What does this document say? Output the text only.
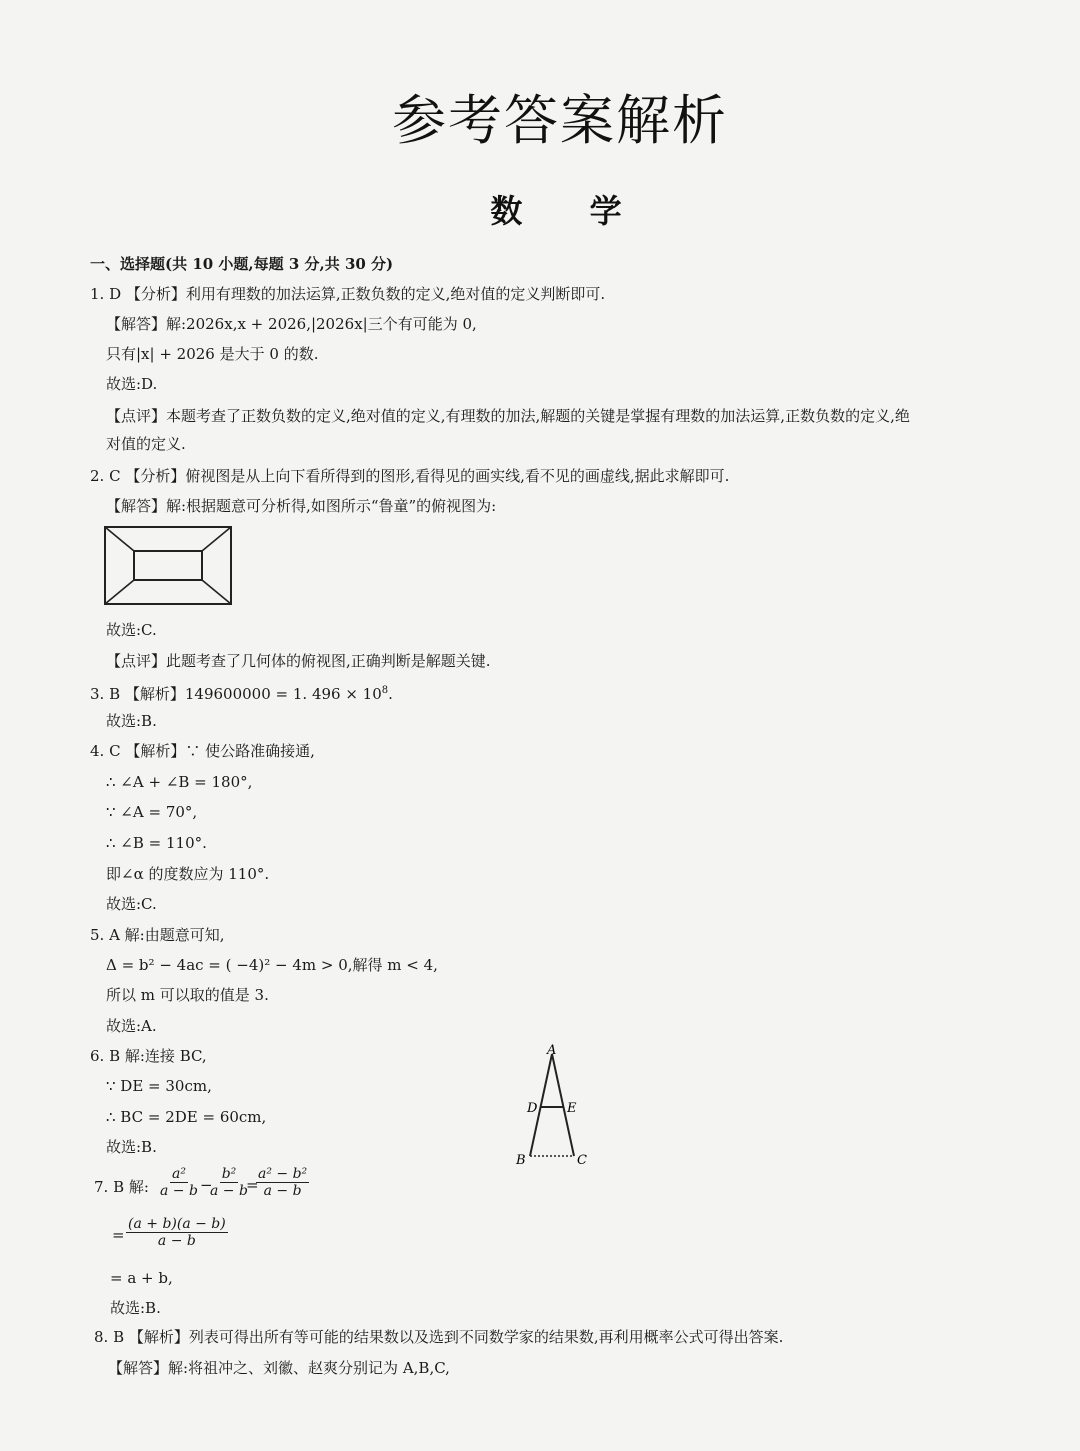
参考答案解析
数 学
一、选择题(共 10 小题,每题 3 分,共 30 分)
1. D 【分析】利用有理数的加法运算,正数负数的定义,绝对值的定义判断即可.
【解答】解:2026x,x + 2026,|2026x|三个有可能为 0,
只有|x| + 2026 是大于 0 的数.
故选:D.
【点评】本题考查了正数负数的定义,绝对值的定义,有理数的加法,解题的关键是掌握有理数的加法运算,正数负数的定义,绝
对值的定义.
2. C 【分析】俯视图是从上向下看所得到的图形,看得见的画实线,看不见的画虚线,据此求解即可.
【解答】解:根据题意可分析得,如图所示“鲁童”的俯视图为:
故选:C.
【点评】此题考查了几何体的俯视图,正确判断是解题关键.
3. B 【解析】149600000 = 1. $496 \times 10^8$.
故选:B.
4. C 【解析】∵ 使公路准确接通,
∴ ∠A + ∠B = 180°,
∵ ∠A = 70°,
∴ ∠B = 110°.
即∠α 的度数应为 110°.
故选:C.
5. A 解:由题意可知,
Δ = b² − 4ac = ( −4)² − 4m > 0,解得 m < 4,
所以 m 可以取的值是 3.
故选:A.
6. B 解:连接 BC,
∵ DE = 30cm,
∴ BC = 2DE = 60cm,
故选:B.
A
D E
B	C
7. B 解: $\frac{\text{a²}}{a - b}$ −
$\frac{\text{b²}}{a - b}$
=
$\frac{\text{a² − b²}}{a - b}$
= $\frac{(a + b)(a - b)}{a - b}$
= a + b,
故选:B.
8. B 【解析】列表可得出所有等可能的结果数以及选到不同数学家的结果数,再利用概率公式可得出答案.
【解答】解:将祖冲之、刘徽、赵爽分别记为 A,B,C,
